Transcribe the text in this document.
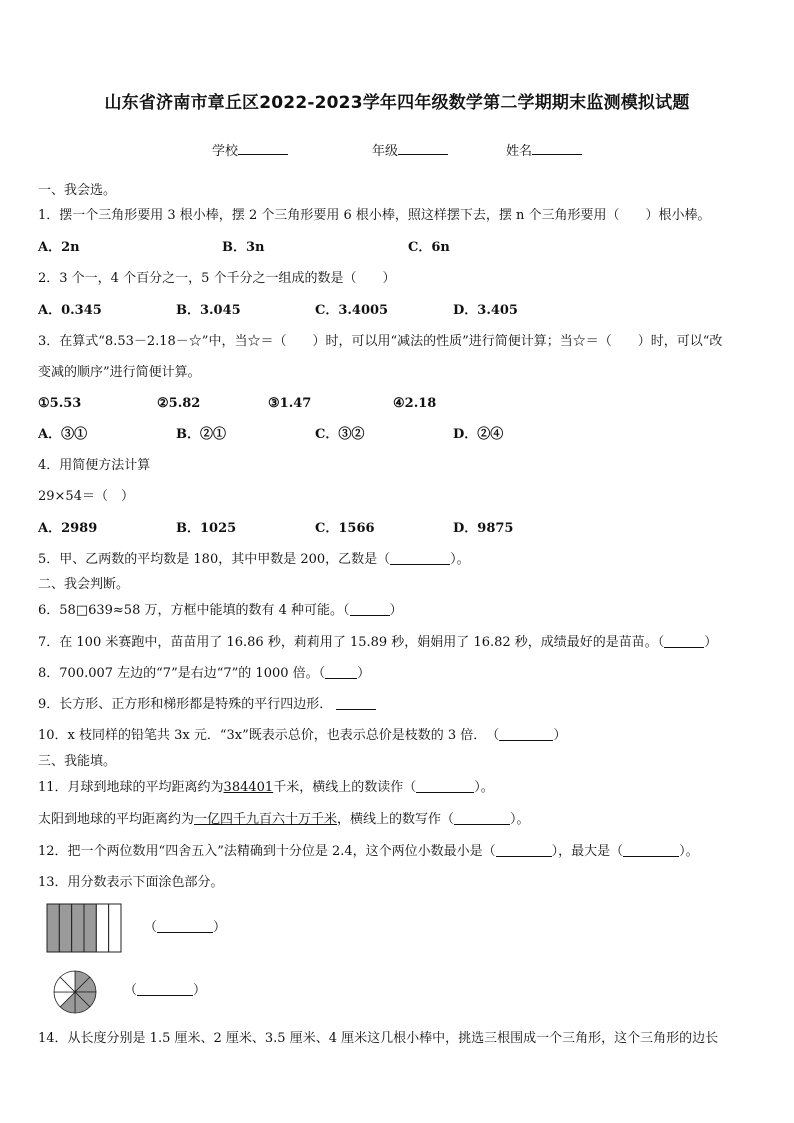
山东省济南市章丘区2022-2023学年四年级数学第二学期期末监测模拟试题
学校	年级	姓名
一、我会选。
1．摆一个三角形要用 3 根小棒，摆 2 个三角形要用 6 根小棒，照这样摆下去，摆 n 个三角形要用（　　）根小棒。
A．2n	B．3n	C．6n
2．3 个一，4 个百分之一，5 个千分之一组成的数是（　　）
A．0.345	B．3.045	C．3.4005	D．3.405
3．在算式“8.53－2.18－☆”中，当☆＝（　　）时，可以用“减法的性质”进行简便计算；当☆＝（　　）时，可以“改
变减的顺序”进行简便计算。
①5.53	②5.82	③1.47	④2.18
A．③①	B．②①	C．③②	D．②④
4．用简便方法计算
29×54＝（　）
A．2989	B．1025	C．1566	D．9875
5．甲、乙两数的平均数是 180，其中甲数是 200，乙数是（	）。
二、我会判断。
6．58□639≈58 万，方框中能填的数有 4 种可能。（	）
7．在 100 米赛跑中，苗苗用了 16.86 秒，莉莉用了 15.89 秒，娟娟用了 16.82 秒，成绩最好的是苗苗。（	）
8．700.007 左边的“7”是右边“7”的 1000 倍。（ ）
9．长方形、正方形和梯形都是特殊的平行四边形．
10．x 枝同样的铅笔共 3x 元．“3x”既表示总价，也表示总价是枝数的 3 倍．　（	）
三、我能填。
11．月球到地球的平均距离约为384401千米，横线上的数读作（	）。
太阳到地球的平均距离约为一亿四千九百六十万千米，横线上的数写作（	）。
12．把一个两位数用“四舍五入”法精确到十分位是 2.4，这个两位小数最小是（	），最大是（	）。
13．用分数表示下面涂色部分。
（	）
（	）
14．从长度分别是 1.5 厘米、2 厘米、3.5 厘米、4 厘米这几根小棒中，挑选三根围成一个三角形，这个三角形的边长
